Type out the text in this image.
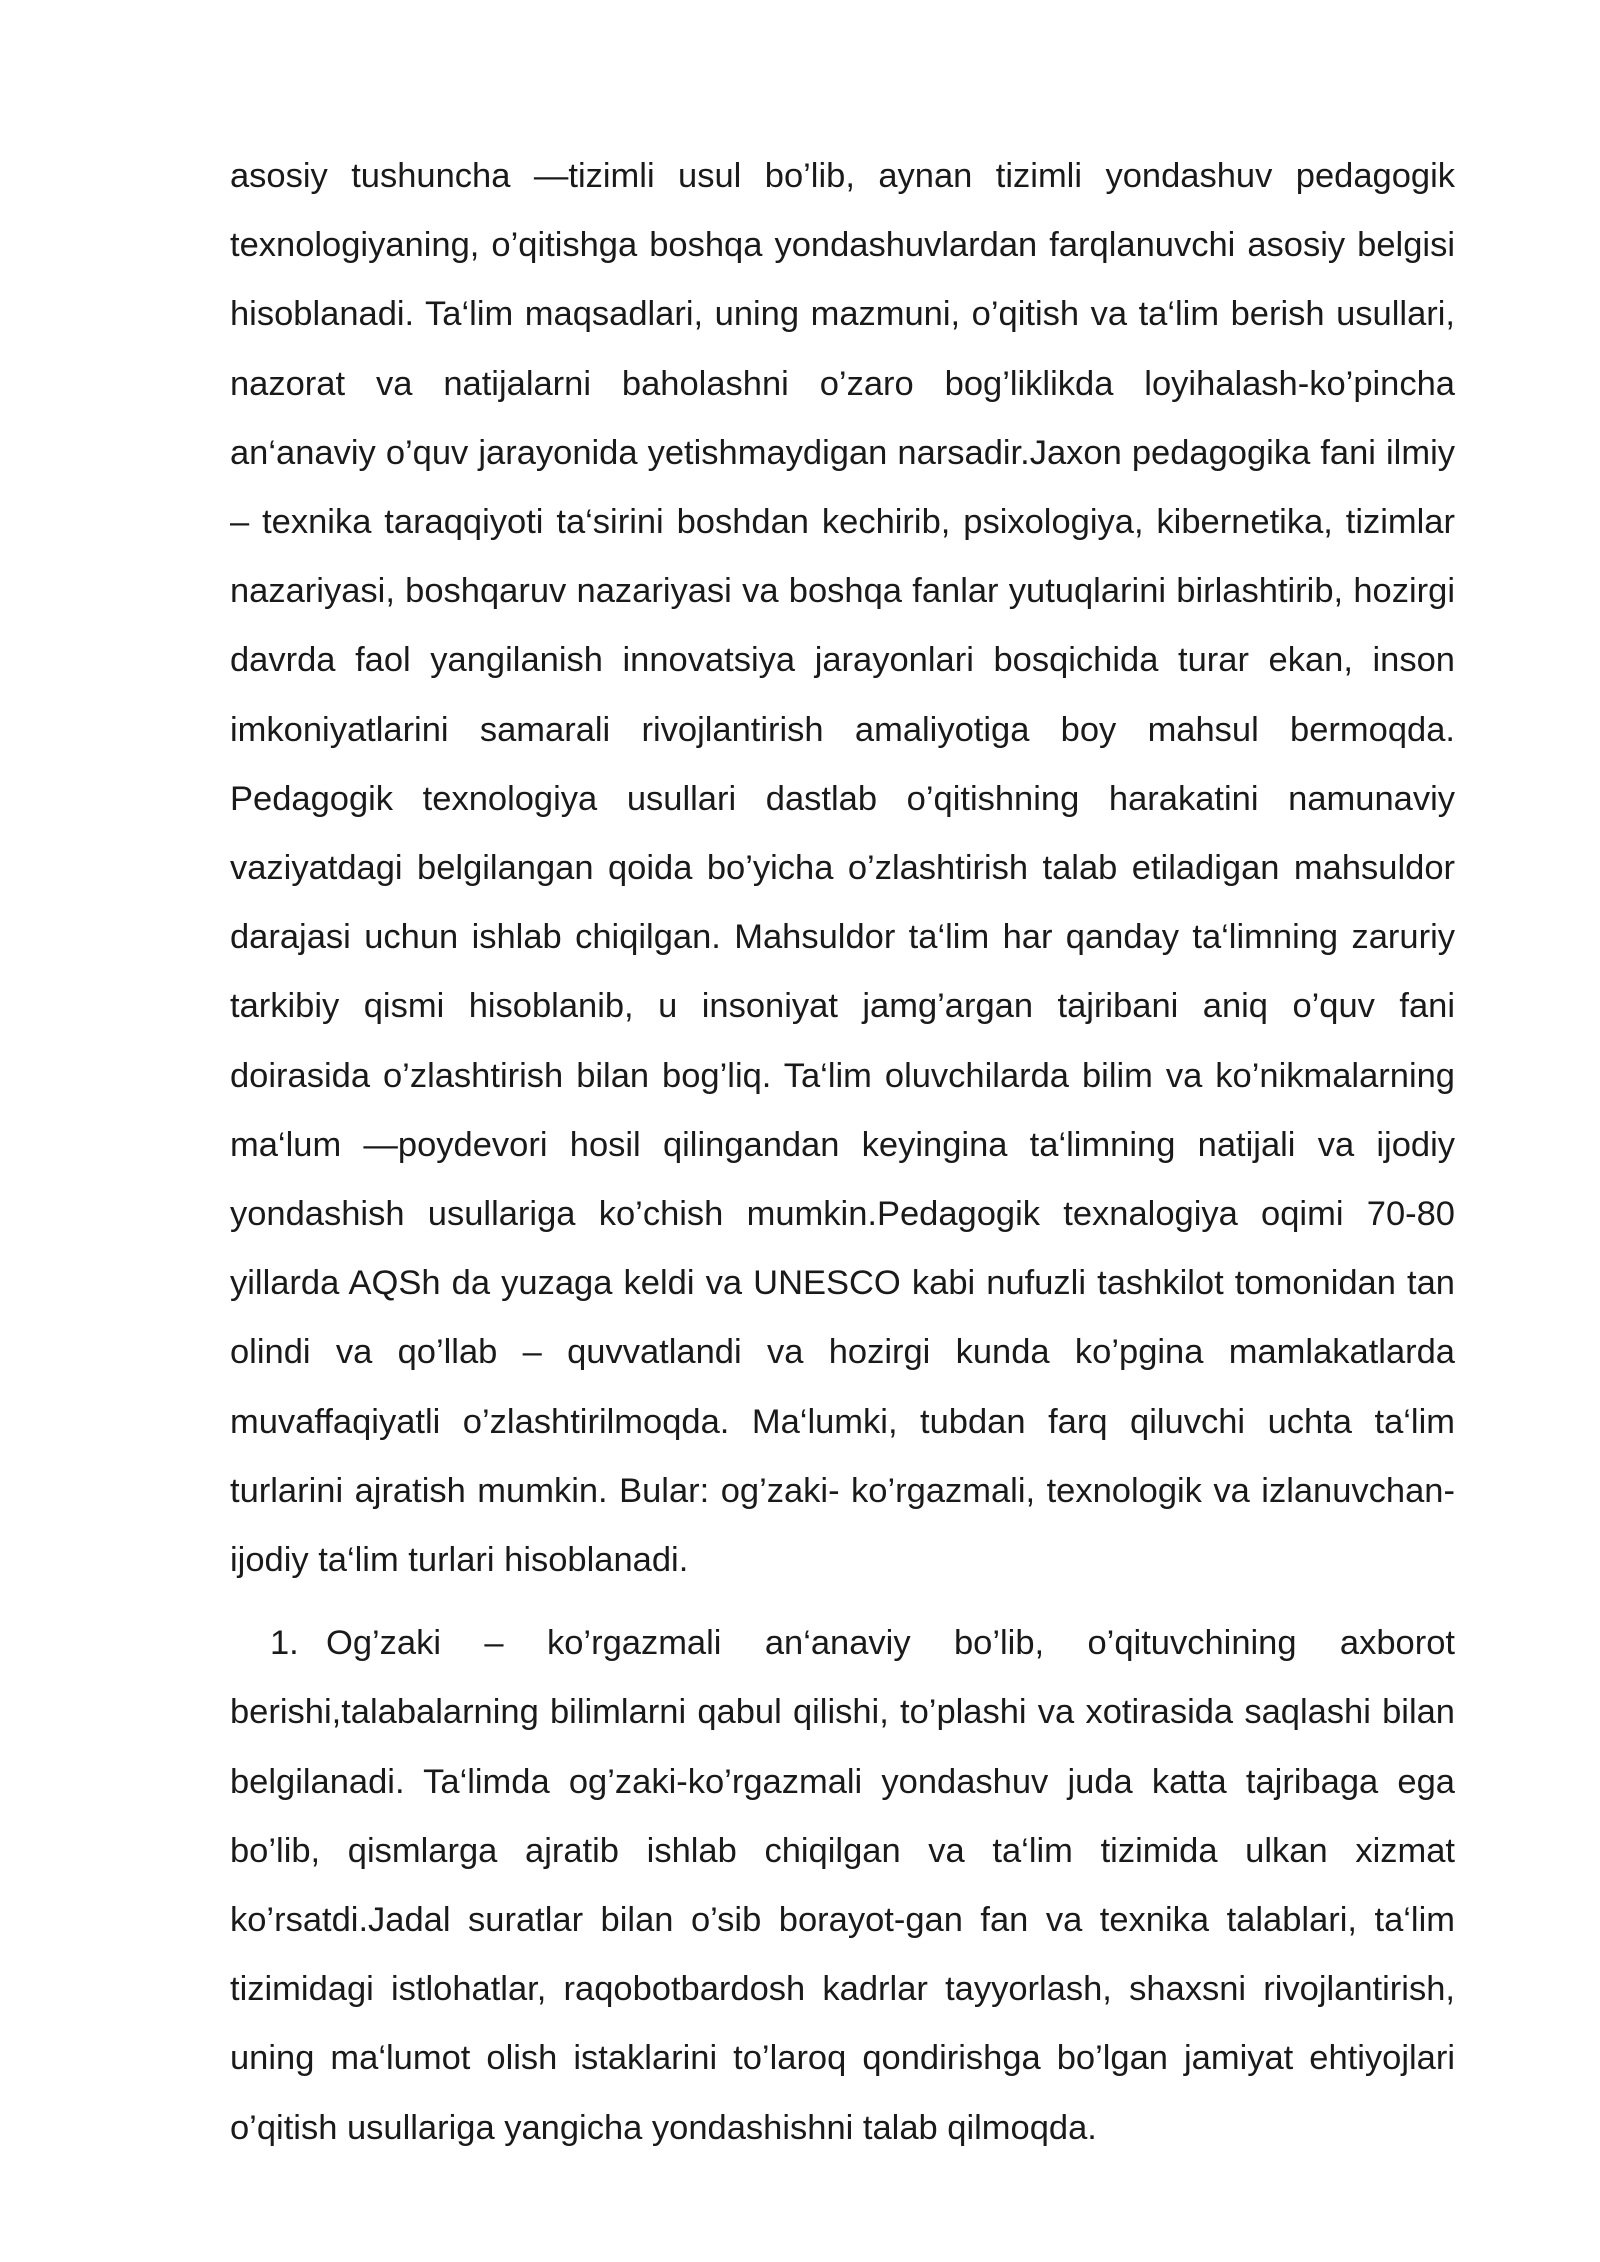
asosiy tushuncha —tizimli usul bo’lib, aynan tizimli yondashuv pedagogik texnologiyaning, o’qitishga boshqa yondashuvlardan farqlanuvchi asosiy belgisi hisoblanadi. Ta‘lim maqsadlari, uning mazmuni, o’qitish va ta‘lim berish usullari, nazorat va natijalarni baholashni o’zaro bog’liklikda loyihalash-ko’pincha an‘anaviy o’quv jarayonida yetishmaydigan narsadir.Jaxon pedagogika fani ilmiy – texnika taraqqiyoti ta‘sirini boshdan kechirib, psixologiya, kibernetika, tizimlar nazariyasi, boshqaruv nazariyasi va boshqa fanlar yutuqlarini birlashtirib, hozirgi davrda faol yangilanish innovatsiya jarayonlari bosqichida turar ekan, inson imkoniyatlarini samarali rivojlantirish amaliyotiga boy mahsul bermoqda. Pedagogik texnologiya usullari dastlab o’qitishning harakatini namunaviy vaziyatdagi belgilangan qoida bo’yicha o’zlashtirish talab etiladigan mahsuldor darajasi uchun ishlab chiqilgan. Mahsuldor ta‘lim har qanday ta‘limning zaruriy tarkibiy qismi hisoblanib, u insoniyat jamg’argan tajribani aniq o’quv fani doirasida o’zlashtirish bilan bog’liq. Ta‘lim oluvchilarda bilim va ko’nikmalarning ma‘lum —poydevori hosil qilingandan keyingina ta‘limning natijali va ijodiy yondashish usullariga ko’chish mumkin.Pedagogik texnalogiya oqimi 70-80 yillarda AQSh da yuzaga keldi va UNESCO kabi nufuzli tashkilot tomonidan tan olindi va qo’llab – quvvatlandi va hozirgi kunda ko’pgina mamlakatlarda muvaffaqiyatli o’zlashtirilmoqda. Ma‘lumki, tubdan farq qiluvchi uchta ta‘lim turlarini ajratish mumkin. Bular: og’zaki- ko’rgazmali, texnologik va izlanuvchan-ijodiy ta‘lim turlari hisoblanadi.

1. Og’zaki – ko’rgazmali an‘anaviy bo’lib, o’qituvchining axborot berishi,talabalarning bilimlarni qabul qilishi, to’plashi va xotirasida saqlashi bilan belgilanadi. Ta‘limda og’zaki-ko’rgazmali yondashuv juda katta tajribaga ega bo’lib, qismlarga ajratib ishlab chiqilgan va ta‘lim tizimida ulkan xizmat ko’rsatdi.Jadal suratlar bilan o’sib borayot-gan fan va texnika talablari, ta‘lim tizimidagi istlohatlar, raqobotbardosh kadrlar tayyorlash, shaxsni rivojlantirish, uning ma‘lumot olish istaklarini to’laroq qondirishga bo’lgan jamiyat ehtiyojlari o’qitish usullariga yangicha yondashishni talab qilmoqda.
